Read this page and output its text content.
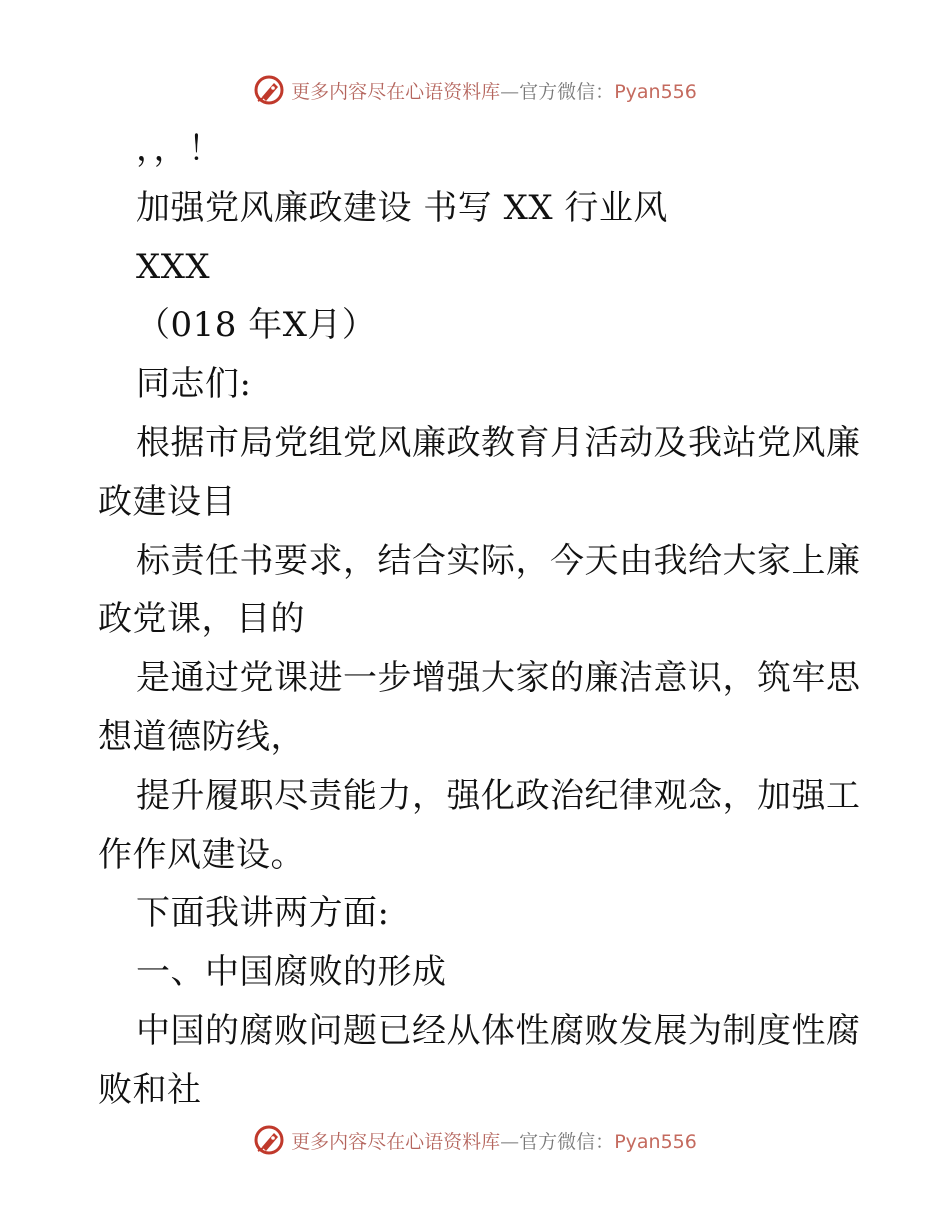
更多内容尽在心语资料库—官方微信：Pyan556
，，！
加强党风廉政建设 书写 XX 行业风
XXX
（018 年X月）
同志们:
根据市局党组党风廉政教育月活动及我站党风廉
政建设目
标责任书要求，结合实际，今天由我给大家上廉
政党课，目的
是通过党课进一步增强大家的廉洁意识，筑牢思
想道德防线，
提升履职尽责能力，强化政治纪律观念，加强工
作作风建设。
下面我讲两方面:
一、中国腐败的形成
中国的腐败问题已经从体性腐败发展为制度性腐
败和社
更多内容尽在心语资料库—官方微信：Pyan556
